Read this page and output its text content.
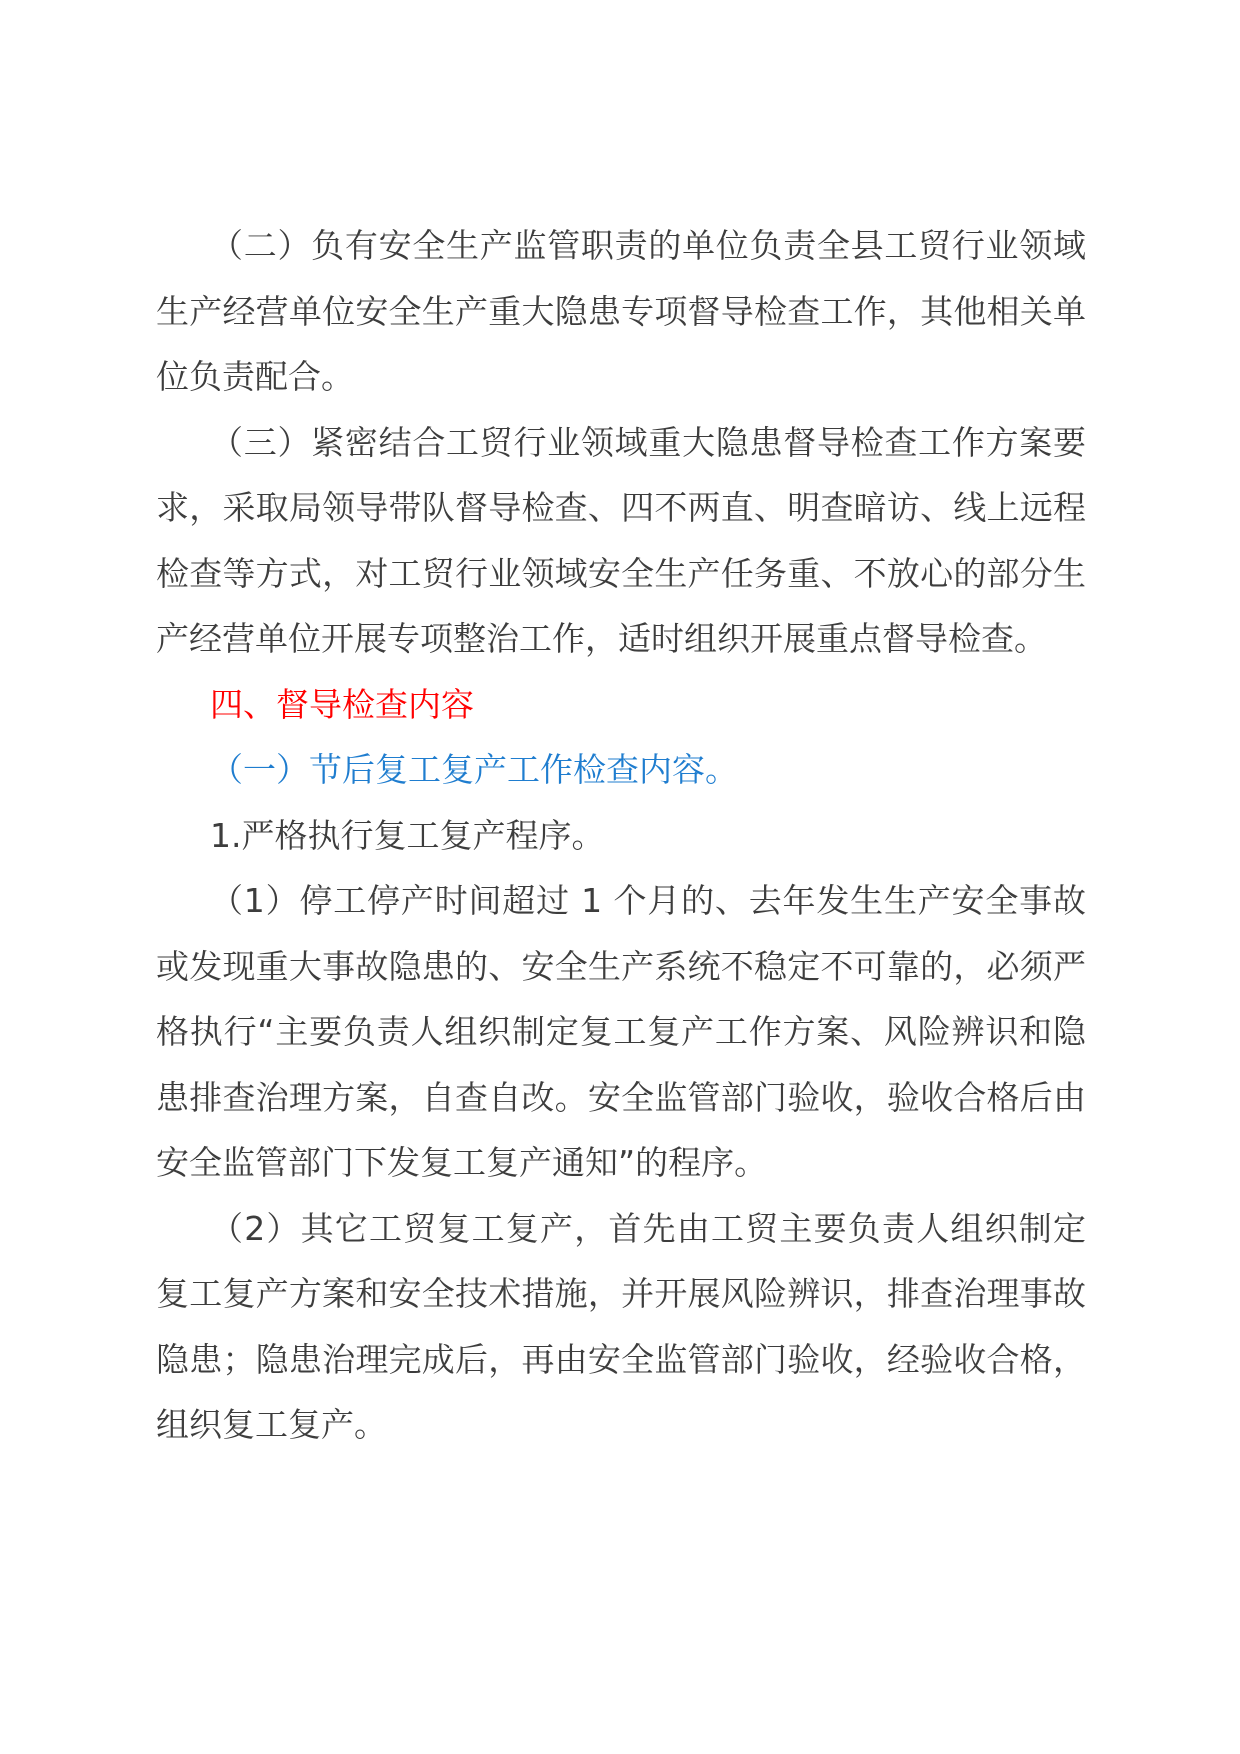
（二）负有安全生产监管职责的单位负责全县工贸行业领域生产经营单位安全生产重大隐患专项督导检查工作，其他相关单位负责配合。

（三）紧密结合工贸行业领域重大隐患督导检查工作方案要求，采取局领导带队督导检查、四不两直、明查暗访、线上远程检查等方式，对工贸行业领域安全生产任务重、不放心的部分生产经营单位开展专项整治工作，适时组织开展重点督导检查。

四、督导检查内容

（一）节后复工复产工作检查内容。

1.严格执行复工复产程序。

（1）停工停产时间超过 1 个月的、去年发生生产安全事故或发现重大事故隐患的、安全生产系统不稳定不可靠的，必须严格执行“主要负责人组织制定复工复产工作方案、风险辨识和隐患排查治理方案，自查自改。安全监管部门验收，验收合格后由安全监管部门下发复工复产通知”的程序。

（2）其它工贸复工复产，首先由工贸主要负责人组织制定复工复产方案和安全技术措施，并开展风险辨识，排查治理事故隐患；隐患治理完成后，再由安全监管部门验收，经验收合格，组织复工复产。
